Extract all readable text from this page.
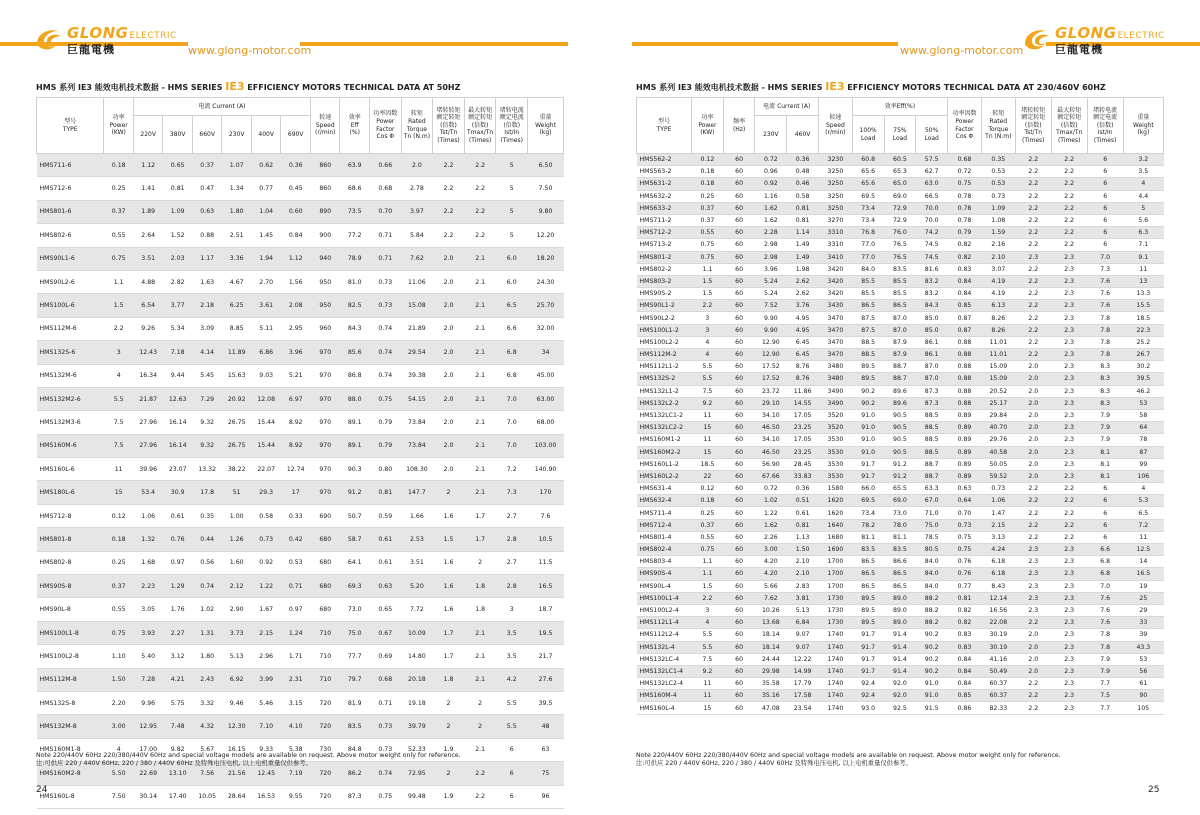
GLONGELECTRIC
巨龍電機	www.glong-motor.com
HMS 系列 IE3 能效电机技术数据 - HMS SERIES IE3 EFFICIENCY MOTORS TECHNICAL DATA AT 50HZ
型号
TYPE	功率
Power
(KW)	电流 Current (A)						转速
Speed
(r/min)	效率
Eff
(%)	功率因数
Power
Factor
Cos Φ	转矩
Rated
Torque
Tn (N.m)	堵转转矩
额定转矩
(倍数)
Tst/Tn
(Times)	最大转矩
额定转矩
(倍数)
Tmax/Tn
(Times)	堵转电流
额定电流
(倍数)
Ist/In
(Times)	重量
Weight
(kg)
		220V	380V	660V	230V	400V	690V								
HMS711-6	0.18	1.12	0.65	0.37	1.07	0.62	0.36	860	63.9	0.66	2.0	2.2	2.2	5	6.50
HMS712-6	0.25	1.41	0.81	0.47	1.34	0.77	0.45	860	68.6	0.68	2.78	2.2	2.2	5	7.50
HMS801-6	0.37	1.89	1.09	0.63	1.80	1.04	0.60	890	73.5	0.70	3.97	2.2	2.2	5	9.80
HMS802-6	0.55	2.64	1.52	0.88	2.51	1.45	0.84	900	77.2	0.71	5.84	2.2	2.2	5	12.20
HMS90L1-6	0.75	3.51	2.03	1.17	3.36	1.94	1.12	940	78.9	0.71	7.62	2.0	2.1	6.0	18.20
HMS90L2-6	1.1	4.88	2.82	1.63	4.67	2.70	1.56	950	81.0	0.73	11.06	2.0	2.1	6.0	24.30
HMS100L-6	1.5	6.54	3.77	2.18	6.25	3.61	2.08	950	82.5	0.73	15.08	2.0	2.1	6.5	25.70
HMS112M-6	2.2	9.26	5.34	3.09	8.85	5.11	2.95	960	84.3	0.74	21.89	2.0	2.1	6.6	32.00
HMS132S-6	3	12.43	7.18	4.14	11.89	6.86	3.96	970	85.6	0.74	29.54	2.0	2.1	6.8	34
HMS132M-6	4	16.34	9.44	5.45	15.63	9.03	5.21	970	86.8	0.74	39.38	2.0	2.1	6.8	45.00
HMS132M2-6	5.5	21.87	12.63	7.29	20.92	12.08	6.97	970	88.0	0.75	54.15	2.0	2.1	7.0	63.00
HMS132M3-6	7.5	27.96	16.14	9.32	26.75	15.44	8.92	970	89.1	0.79	73.84	2.0	2.1	7.0	68.00
HMS160M-6	7.5	27.96	16.14	9.32	26.75	15.44	8.92	970	89.1	0.79	73.84	2.0	2.1	7.0	103.00
HMS160L-6	11	39.96	23.07	13.32	38.22	22.07	12.74	970	90.3	0.80	108.30	2.0	2.1	7.2	140.90
HMS180L-6	15	53.4	30.9	17.8	51	29.3	17	970	91.2	0.81	147.7	2	2.1	7.3	170
HMS712-8	0.12	1.06	0.61	0.35	1.00	0.58	0.33	690	50.7	0.59	1.66	1.6	1.7	2.7	7.6
HMS801-8	0.18	1.32	0.76	0.44	1.26	0.73	0.42	680	58.7	0.61	2.53	1.5	1.7	2.8	10.5
HMS802-8	0.25	1.68	0.97	0.56	1.60	0.92	0.53	680	64.1	0.61	3.51	1.6	2	2.7	11.5
HMS90S-8	0.37	2.23	1.29	0.74	2.12	1.22	0.71	680	69.3	0.63	5.20	1.6	1.8	2.8	16.5
HMS90L-8	0.55	3.05	1.76	1.02	2.90	1.67	0.97	680	73.0	0.65	7.72	1.6	1.8	3	18.7
HMS100L1-8	0.75	3.93	2.27	1.31	3.73	2.15	1.24	710	75.0	0.67	10.09	1.7	2.1	3.5	19.5
HMS100L2-8	1.10	5.40	3.12	1.80	5.13	2.96	1.71	710	77.7	0.69	14.80	1.7	2.1	3.5	21.7
HMS112M-8	1.50	7.28	4.21	2.43	6.92	3.99	2.31	710	79.7	0.68	20.18	1.8	2.1	4.2	27.6
HMS132S-8	2.20	9.96	5.75	3.32	9.46	5.46	3.15	720	81.9	0.71	19.18	2	2	5.5	39.5
HMS132M-8	3.00	12.95	7.48	4.32	12.30	7.10	4.10	720	83.5	0.73	39.79	2	2	5.5	48
HMS160M1-8	4	17.00	9.82	5.67	16.15	9.33	5.38	730	84.8	0.73	52.33	1.9	2.1	6	63
HMS160M2-8	5.50	22.69	13.10	7.56	21.56	12.45	7.19	720	86.2	0.74	72.95	2	2.2	6	75
HMS160L-8	7.50	30.14	17.40	10.05	28.64	16.53	9.55	720	87.3	0.75	99.48	1.9	2.2	6	96
Note 220/440V 60Hz 220/380/440V 60Hz and special voltage models are available on request. Above motor weight only for reference.
注:可供应 220 / 440V 60Hz, 220 / 380 / 440V 60Hz 及特殊电压电机, 以上电机重量仅供参考。
24
www.glong-motor.com
GLONGELECTRIC
巨龍電機
HMS 系列 IE3 能效电机技术数据 - HMS SERIES IE3 EFFICIENCY MOTORS TECHNICAL DATA AT 230/460V 60HZ
型号
TYPE	功率
Power
(KW)	频率
(Hz)	电流 Current (A)		转速
Speed
(r/min)	效率Eff(%)			功率因数
Power
Factor
Cos Φ	转矩
Rated
Torque
Tn (N.m)	堵转转矩
额定转矩
(倍数)
Tst/Tn
(Times)	最大转矩
额定转矩
(倍数)
Tmax/Tn
(Times)	堵转电流
额定电流
(倍数)
Ist/In
(Times)	重量
Weight
(kg)
			230V	460V		100%
Load	75%
Load	50%
Load						
HMS562-2	0.12	60	0.72	0.36	3230	60.8	60.5	57.5	0.68	0.35	2.2	2.2	6	3.2
HMS563-2	0.18	60	0.96	0.48	3250	65.6	65.3	62.7	0.72	0.53	2.2	2.2	6	3.5
HMS631-2	0.18	60	0.92	0.46	3250	65.6	65.0	63.0	0.75	0.53	2.2	2.2	6	4
HMS632-2	0.25	60	1.16	0.58	3250	69.5	69.0	66.5	0.78	0.73	2.2	2.2	6	4.4
HMS633-2	0.37	60	1.62	0.81	3250	73.4	72.9	70.0	0.78	1.09	2.2	2.2	6	5
HMS711-2	0.37	60	1.62	0.81	3270	73.4	72.9	70.0	0.78	1.08	2.2	2.2	6	5.6
HMS712-2	0.55	60	2.28	1.14	3310	76.8	76.0	74.2	0.79	1.59	2.2	2.2	6	6.3
HMS713-2	0.75	60	2.98	1.49	3310	77.0	76.5	74.5	0.82	2.16	2.2	2.2	6	7.1
HMS801-2	0.75	60	2.98	1.49	3410	77.0	76.5	74.5	0.82	2.10	2.3	2.3	7.0	9.1
HMS802-2	1.1	60	3.96	1.98	3420	84.0	83.5	81.6	0.83	3.07	2.2	2.3	7.3	11
HMS803-2	1.5	60	5.24	2.62	3420	85.5	85.5	83.2	0.84	4.19	2.2	2.3	7.6	13
HMS90S-2	1.5	60	5.24	2.62	3420	85.5	85.5	83.2	0.84	4.19	2.2	2.3	7.6	13.3
HMS90L1-2	2.2	60	7.52	3.76	3430	86.5	86.5	84.3	0.85	6.13	2.2	2.3	7.6	15.5
HMS90L2-2	3	60	9.90	4.95	3470	87.5	87.0	85.0	0.87	8.26	2.2	2.3	7.8	18.5
HMS100L1-2	3	60	9.90	4.95	3470	87.5	87.0	85.0	0.87	8.26	2.2	2.3	7.8	22.3
HMS100L2-2	4	60	12.90	6.45	3470	88.5	87.9	86.1	0.88	11.01	2.2	2.3	7.8	25.2
HMS112M-2	4	60	12.90	6.45	3470	88.5	87.9	86.1	0.88	11.01	2.2	2.3	7.8	26.7
HMS112L1-2	5.5	60	17.52	8.76	3480	89.5	88.7	87.0	0.88	15.09	2.0	2.3	8.3	30.2
HMS132S-2	5.5	60	17.52	8.76	3480	89.5	88.7	87.0	0.88	15.09	2.0	2.3	8.3	39.5
HMS132L1-2	7.5	60	23.72	11.86	3490	90.2	89.6	87.3	0.88	20.52	2.0	2.3	8.3	46.2
HMS132L2-2	9.2	60	29.10	14.55	3490	90.2	89.6	87.3	0.88	25.17	2.0	2.3	8.3	53
HMS132LC1-2	11	60	34.10	17.05	3520	91.0	90.5	88.5	0.89	29.84	2.0	2.3	7.9	58
HMS132LC2-2	15	60	46.50	23.25	3520	91.0	90.5	88.5	0.89	40.70	2.0	2.3	7.9	64
HMS160M1-2	11	60	34.10	17.05	3530	91.0	90.5	88.5	0.89	29.76	2.0	2.3	7.9	78
HMS160M2-2	15	60	46.50	23.25	3530	91.0	90.5	88.5	0.89	40.58	2.0	2.3	8.1	87
HMS160L1-2	18.5	60	56.90	28.45	3530	91.7	91.2	88.7	0.89	50.05	2.0	2.3	8.1	99
HMS160L2-2	22	60	67.66	33.83	3530	91.7	91.2	88.7	0.89	59.52	2.0	2.3	8.1	106
HMS631-4	0.12	60	0.72	0.36	1580	66.0	65.5	63.3	0.63	0.73	2.2	2.2	6	4
HMS632-4	0.18	60	1.02	0.51	1620	69.5	69.0	67.0	0.64	1.06	2.2	2.2	6	5.3
HMS711-4	0.25	60	1.22	0.61	1620	73.4	73.0	71.0	0.70	1.47	2.2	2.2	6	6.5
HMS712-4	0.37	60	1.62	0.81	1640	78.2	78.0	75.0	0.73	2.15	2.2	2.2	6	7.2
HMS801-4	0.55	60	2.26	1.13	1680	81.1	81.1	78.5	0.75	3.13	2.2	2.2	6	11
HMS802-4	0.75	60	3.00	1.50	1690	83.5	83.5	80.5	0.75	4.24	2.3	2.3	6.6	12.5
HMS803-4	1.1	60	4.20	2.10	1700	86.5	86.6	84.0	0.76	6.18	2.3	2.3	6.8	14
HMS90S-4	1.1	60	4.20	2.10	1700	86.5	86.5	84.0	0.76	6.18	2.3	2.3	6.8	16.5
HMS90L-4	1.5	60	5.66	2.83	1700	86.5	86.5	84.0	0.77	8.43	2.3	2.3	7.0	19
HMS100L1-4	2.2	60	7.62	3.81	1730	89.5	89.0	88.2	0.81	12.14	2.3	2.3	7.6	25
HMS100L2-4	3	60	10.26	5.13	1730	89.5	89.0	88.2	0.82	16.56	2.3	2.3	7.6	29
HMS112L1-4	4	60	13.68	6.84	1730	89.5	89.0	88.2	0.82	22.08	2.2	2.3	7.6	33
HMS112L2-4	5.5	60	18.14	9.07	1740	91.7	91.4	90.2	0.83	30.19	2.0	2.3	7.8	39
HMS132L-4	5.5	60	18.14	9.07	1740	91.7	91.4	90.2	0.83	30.19	2.0	2.3	7.8	43.3
HMS132LC-4	7.5	60	24.44	12.22	1740	91.7	91.4	90.2	0.84	41.16	2.0	2.3	7.9	53
HMS132LC1-4	9.2	60	29.98	14.99	1740	91.7	91.4	90.2	0.84	50.49	2.0	2.3	7.9	56
HMS132LC2-4	11	60	35.58	17.79	1740	92.4	92.0	91.0	0.84	60.37	2.2	2.3	7.7	61
HMS160M-4	11	60	35.16	17.58	1740	92.4	92.0	91.0	0.85	60.37	2.2	2.3	7.5	90
HMS160L-4	15	60	47.08	23.54	1740	93.0	92.5	91.5	0.86	82.33	2.2	2.3	7.7	105
Note 220/440V 60Hz 220/380/440V 60Hz and special voltage models are available on request. Above motor weight only for reference.
注:可供应 220 / 440V 60Hz, 220 / 380 / 440V 60Hz 及特殊电压电机, 以上电机重量仅供参考。
25
